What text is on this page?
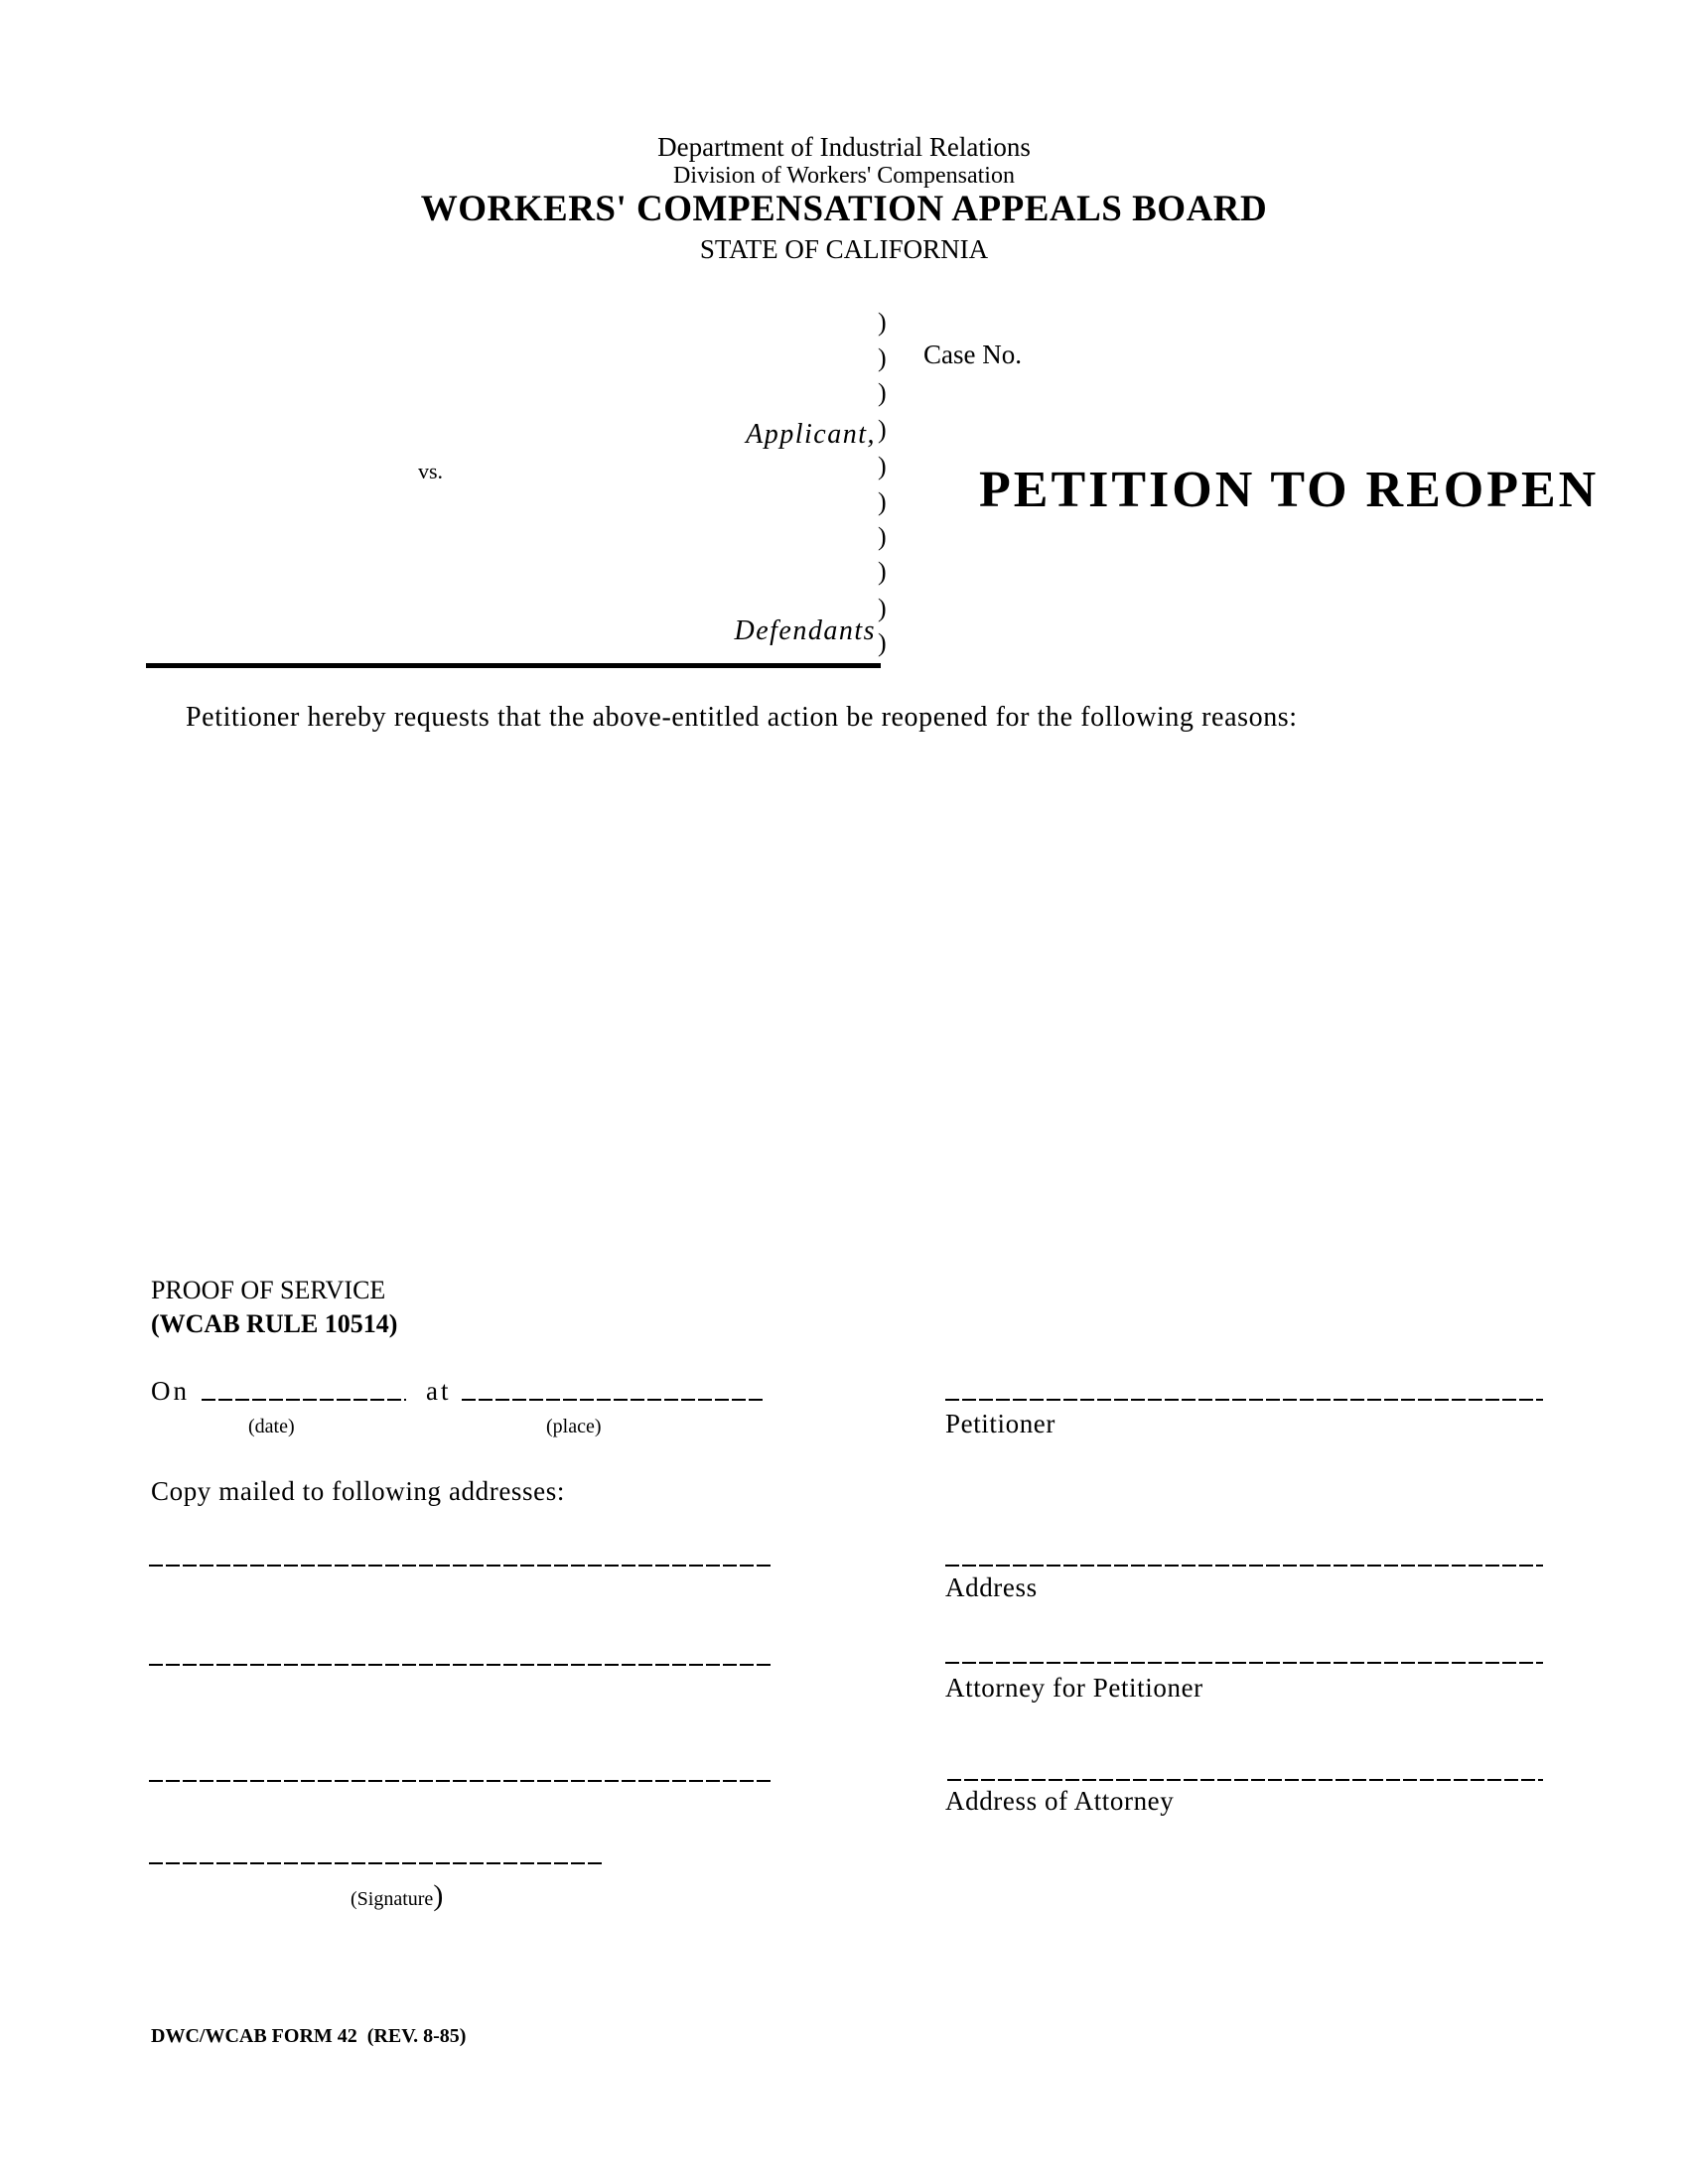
Department of Industrial Relations
Division of Workers' Compensation
WORKERS' COMPENSATION APPEALS BOARD
STATE OF CALIFORNIA
)
)
)
)
)
)
)
)
)
)
Applicant,
vs.
Defendants
Case No.
PETITION TO REOPEN
Petitioner hereby requests that the above-entitled action be reopened for the following reasons:
PROOF OF SERVICE
(WCAB RULE 10514)
On	at
(date)	(place)
Copy mailed to following addresses:
(Signature)
Petitioner
Address
Attorney for Petitioner
Address of Attorney
DWC/WCAB FORM 42  (REV. 8-85)
